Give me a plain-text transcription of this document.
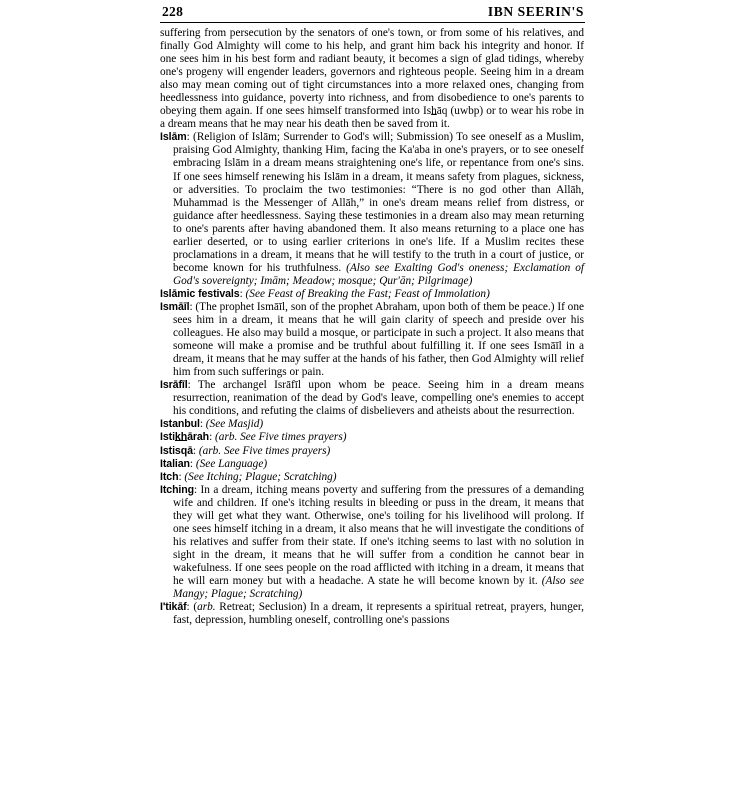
228	IBN SEERIN'S

suffering from persecution by the senators of one's town, or from some of his relatives, and finally God Almighty will come to his help, and grant him back his integrity and honor. If one sees him in his best form and radiant beauty, it becomes a sign of glad tidings, whereby one's progeny will engender leaders, governors and righteous people. Seeing him in a dream also may mean coming out of tight circumstances into a more relaxed ones, changing from heedlessness into guidance, poverty into richness, and from disobedience to one's parents to obeying them again. If one sees himself transformed into Ishāq (uwbp) or to wear his robe in a dream means that he may near his death then be saved from it.

Islām: (Religion of Islām; Surrender to God's will; Submission) To see oneself as a Muslim, praising God Almighty, thanking Him, facing the Ka'aba in one's prayers, or to see oneself embracing Islām in a dream means straightening one's life, or repentance from one's sins. If one sees himself renewing his Islām in a dream, it means safety from plagues, sickness, or adversities. To proclaim the two testimonies: “There is no god other than Allāh, Muhammad is the Messenger of Allāh,” in one's dream means relief from distress, or guidance after heedlessness. Saying these testimonies in a dream also may mean returning to one's parents after having abandoned them. It also means returning to a place one has earlier deserted, or to using earlier criterions in one's life. If a Muslim recites these proclamations in a dream, it means that he will testify to the truth in a court of justice, or become known for his truthfulness. (Also see Exalting God's oneness; Exclamation of God's sovereignty; Imām; Meadow; mosque; Qur'ān; Pilgrimage)

Islāmic festivals: (See Feast of Breaking the Fast; Feast of Immolation)

Ismāīl: (The prophet Ismāīl, son of the prophet Abraham, upon both of them be peace.) If one sees him in a dream, it means that he will gain clarity of speech and preside over his colleagues. He also may build a mosque, or participate in such a project. It also means that someone will make a promise and be truthful about fulfilling it. If one sees Ismāīl in a dream, it means that he may suffer at the hands of his father, then God Almighty will relief him from such sufferings or pain.

Isrāfīl: The archangel Isrāfīl upon whom be peace. Seeing him in a dream means resurrection, reanimation of the dead by God's leave, compelling one's enemies to accept his conditions, and refuting the claims of disbelievers and atheists about the resurrection.

Istanbul: (See Masjid)

Istikhārah: (arb. See Five times prayers)

Istisqā: (arb. See Five times prayers)

Italian: (See Language)

Itch: (See Itching; Plague; Scratching)

Itching: In a dream, itching means poverty and suffering from the pressures of a demanding wife and children. If one's itching results in bleeding or puss in the dream, it means that they will get what they want. Otherwise, one's toiling for his livelihood will prolong. If one sees himself itching in a dream, it also means that he will investigate the conditions of his relatives and suffer from their state. If one's itching seems to last with no solution in sight in the dream, it means that he will suffer from a condition he cannot bear in wakefulness. If one sees people on the road afflicted with itching in a dream, it means that he will earn money but with a headache. A state he will become known by it. (Also see Mangy; Plague; Scratching)

I'tikāf: (arb. Retreat; Seclusion) In a dream, it represents a spiritual retreat, prayers, hunger, fast, depression, humbling oneself, controlling one's passions
